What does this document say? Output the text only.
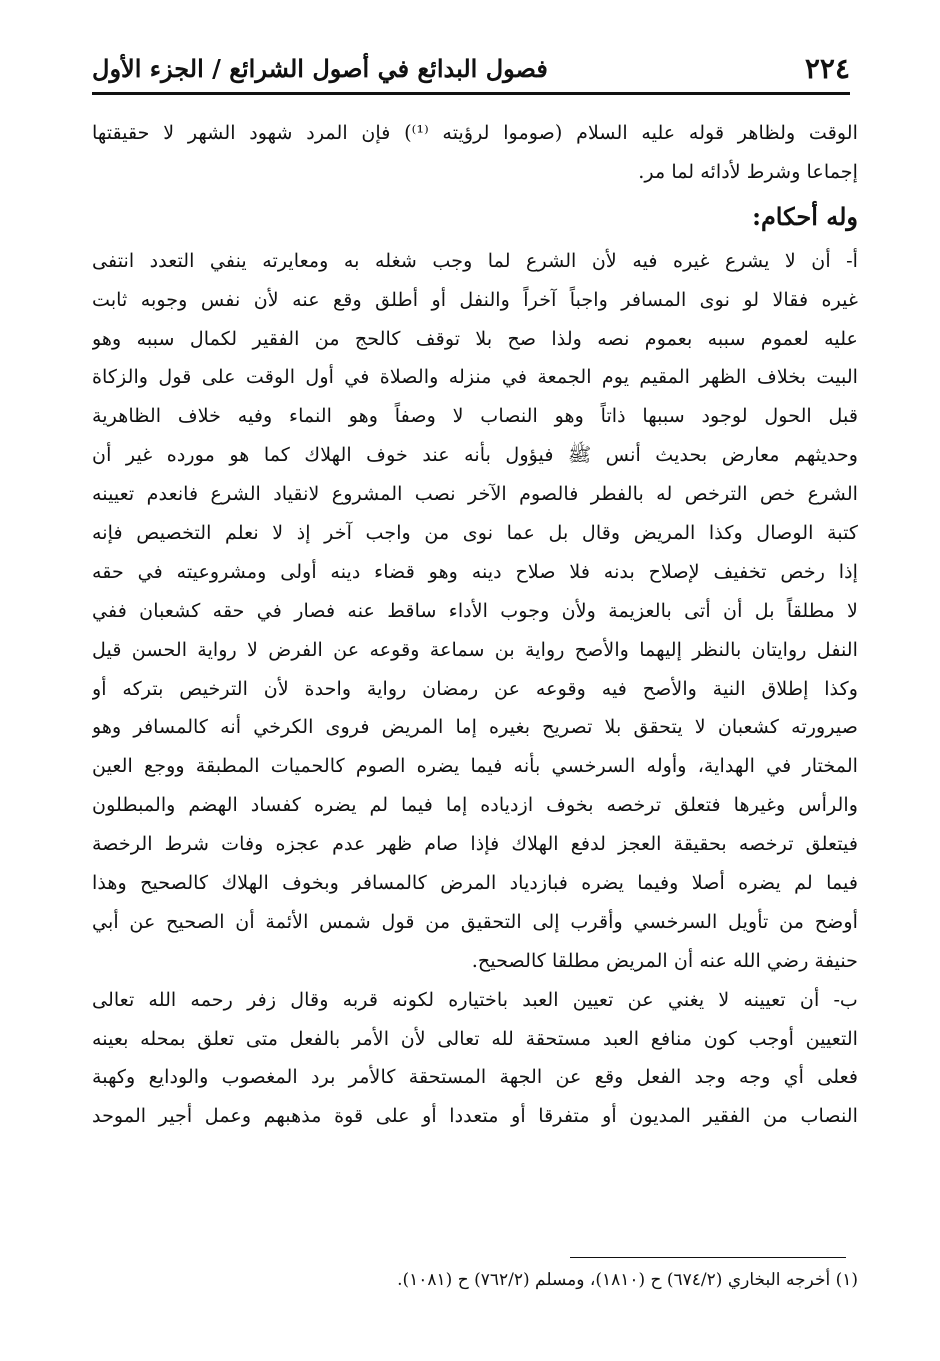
فصول البدائع في أصول الشرائع / الجزء الأول	٢٢٤
الوقت ولظاهر قوله عليه السلام (صوموا لرؤيته ⁽¹⁾) فإن المرد شهود الشهر لا حقيقتها
إجماعا وشرط لأدائه لما مر.
وله أحكام:
أ- أن لا يشرع غيره فيه لأن الشرع لما وجب شغله به ومعايرته ينفي التعدد انتفى
غيره فقالا لو نوى المسافر واجباً آخراً والنفل أو أطلق وقع عنه لأن نفس وجوبه ثابت
عليه لعموم سببه بعموم نصه ولذا صح بلا توقف كالحج من الفقير لكمال سببه وهو
البيت بخلاف الظهر المقيم يوم الجمعة في منزله والصلاة في أول الوقت على قول والزكاة
قبل الحول لوجود سببها ذاتاً وهو النصاب لا وصفاً وهو النماء وفيه خلاف الظاهرية
وحديثهم معارض بحديث أنس ﷺ فيؤول بأنه عند خوف الهلاك كما هو مورده غير أن
الشرع خص الترخص له بالفطر فالصوم الآخر نصب المشروع لانقياد الشرع فانعدم تعيينه
كتبة الوصال وكذا المريض وقال بل عما نوى من واجب آخر إذ لا نعلم التخصيص فإنه
إذا رخص تخفيف لإصلاح بدنه فلا صلاح دينه وهو قضاء دينه أولى ومشروعيته في حقه
لا مطلقاً بل أن أتى بالعزيمة ولأن وجوب الأداء ساقط عنه فصار في حقه كشعبان ففي
النفل روايتان بالنظر إليهما والأصح رواية بن سماعة وقوعه عن الفرض لا رواية الحسن قيل
وكذا إطلاق النية والأصح فيه وقوعه عن رمضان رواية واحدة لأن الترخيص بتركه أو
صيرورته كشعبان لا يتحقق بلا تصريح بغيره إما المريض فروى الكرخي أنه كالمسافر وهو
المختار في الهداية، وأوله السرخسي بأنه فيما يضره الصوم كالحميات المطبقة ووجع العين
والرأس وغيرها فتعلق ترخصه بخوف ازدياده إما فيما لم يضره كفساد الهضم والمبطلون
فيتعلق ترخصه بحقيقة العجز لدفع الهلاك فإذا صام ظهر عدم عجزه وفات شرط الرخصة
فيما لم يضره أصلا وفيما يضره فبازدياد المرض كالمسافر وبخوف الهلاك كالصحيح وهذا
أوضح من تأويل السرخسي وأقرب إلى التحقيق من قول شمس الأئمة أن الصحيح عن أبي
حنيفة رضي الله عنه أن المريض مطلقا كالصحيح.
ب- أن تعيينه لا يغني عن تعيين العبد باختياره لكونه قربه وقال زفر رحمه الله تعالى
التعيين أوجب كون منافع العبد مستحقة لله تعالى لأن الأمر بالفعل متى تعلق بمحله بعينه
فعلى أي وجه وجد الفعل وقع عن الجهة المستحقة كالأمر برد المغصوب والودايع وكهبة
النصاب من الفقير المديون أو متفرقا أو متعددا أو على قوة مذهبهم وعمل أجير الموحد
(١) أخرجه البخاري (٦٧٤/٢) ح (١٨١٠)، ومسلم (٧٦٢/٢) ح (١٠٨١).
